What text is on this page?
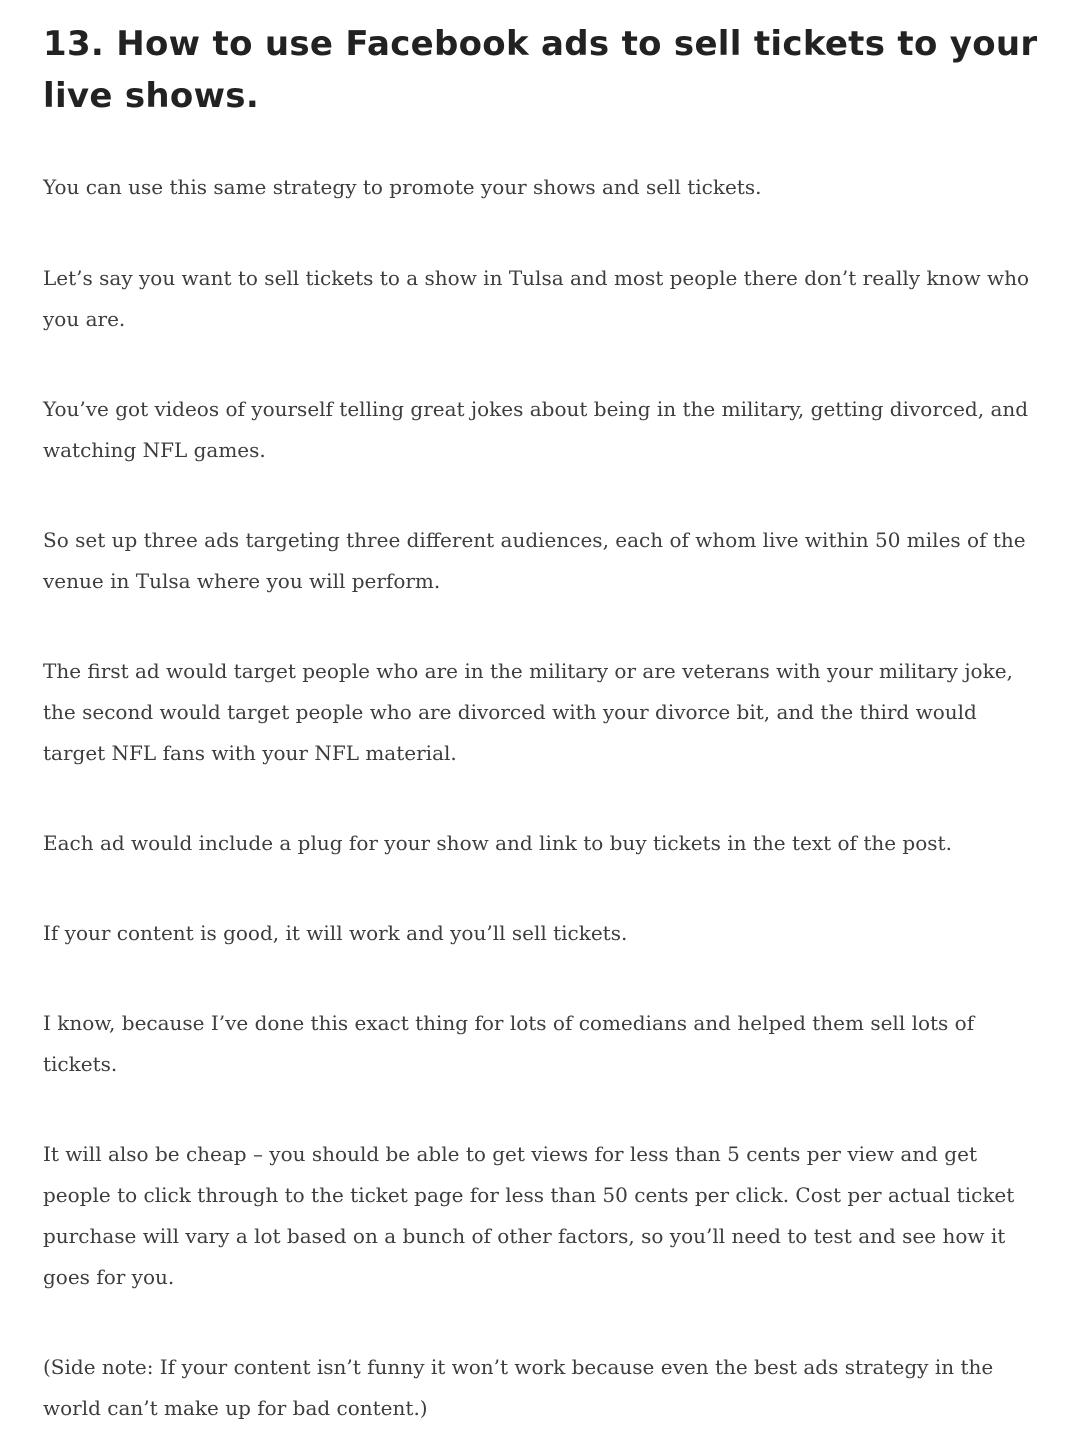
13. How to use Facebook ads to sell tickets to your live shows.

You can use this same strategy to promote your shows and sell tickets.

Let’s say you want to sell tickets to a show in Tulsa and most people there don’t really know who you are.

You’ve got videos of yourself telling great jokes about being in the military, getting divorced, and watching NFL games.

So set up three ads targeting three different audiences, each of whom live within 50 miles of the venue in Tulsa where you will perform.

The first ad would target people who are in the military or are veterans with your military joke, the second would target people who are divorced with your divorce bit, and the third would target NFL fans with your NFL material.

Each ad would include a plug for your show and link to buy tickets in the text of the post.

If your content is good, it will work and you’ll sell tickets.

I know, because I’ve done this exact thing for lots of comedians and helped them sell lots of tickets.

It will also be cheap – you should be able to get views for less than 5 cents per view and get people to click through to the ticket page for less than 50 cents per click. Cost per actual ticket purchase will vary a lot based on a bunch of other factors, so you’ll need to test and see how it goes for you.

(Side note: If your content isn’t funny it won’t work because even the best ads strategy in the world can’t make up for bad content.)
